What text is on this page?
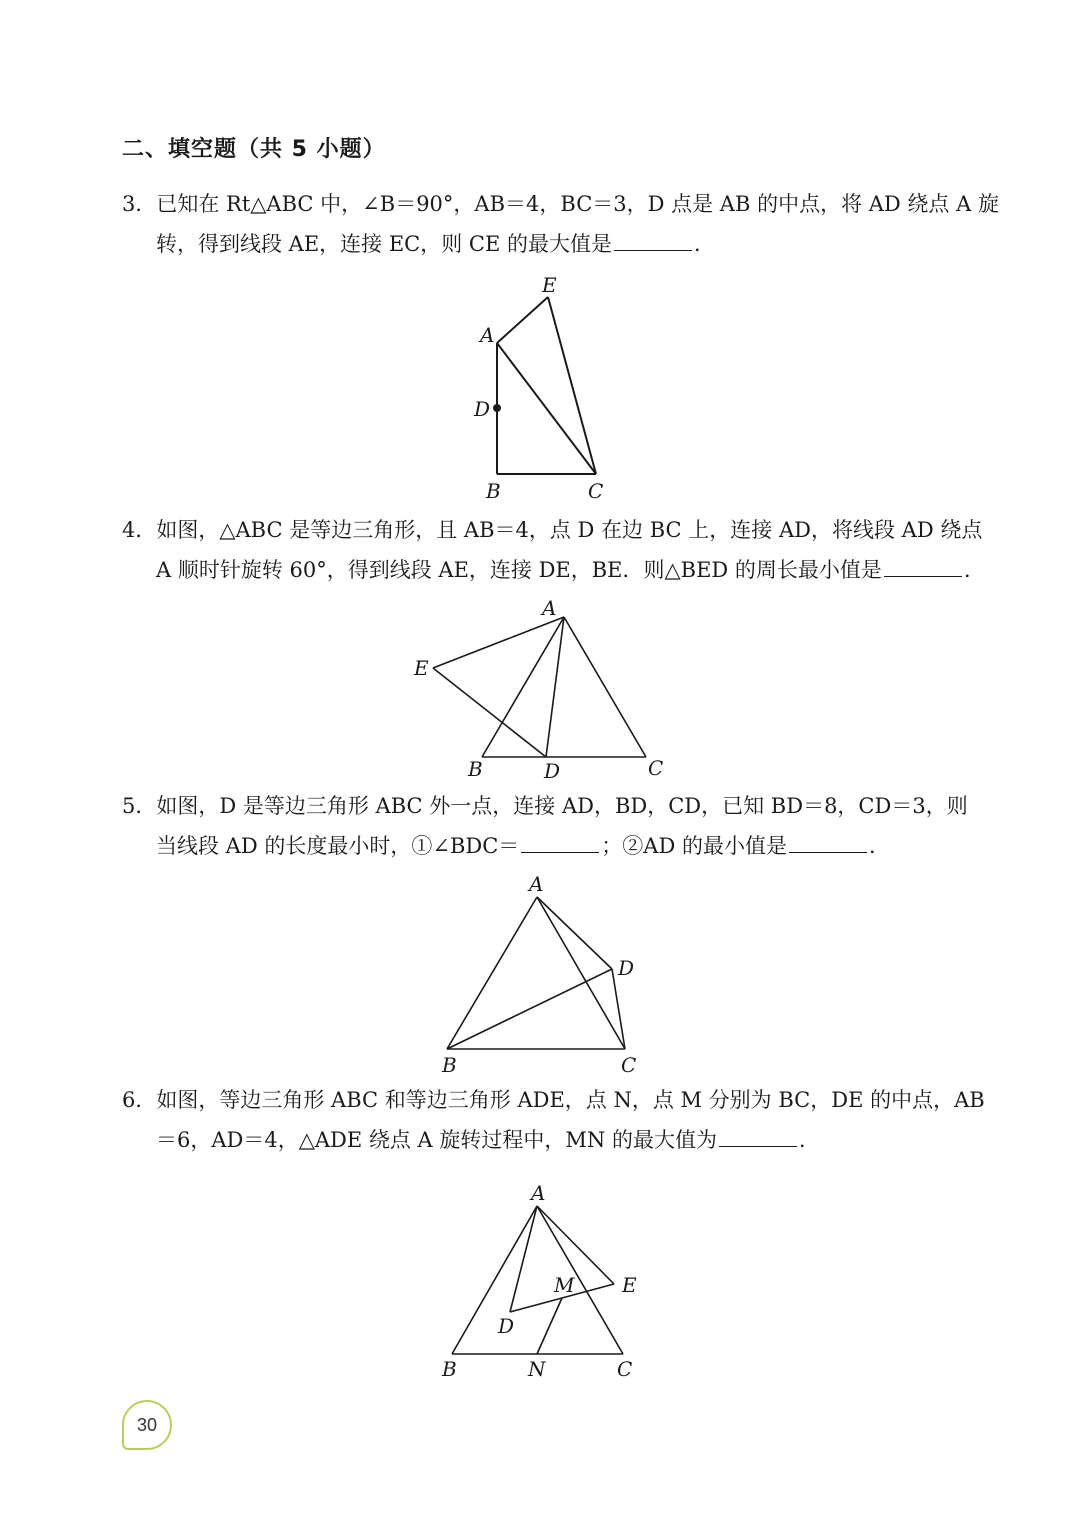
二、填空题（共 5 小题）
3．已知在 Rt△ABC 中，∠B＝90°，AB＝4，BC＝3，D 点是 AB 的中点，将 AD 绕点 A 旋
转，得到线段 AE，连接 EC，则 CE 的最大值是	．
E
A
D
B	C
4．如图，△ABC 是等边三角形，且 AB＝4，点 D 在边 BC 上，连接 AD，将线段 AD 绕点
A 顺时针旋转 60°，得到线段 AE，连接 DE，BE．则△BED 的周长最小值是	．
A
E
B	D	C
5．如图，D 是等边三角形 ABC 外一点，连接 AD，BD，CD，已知 BD＝8，CD＝3，则
当线段 AD 的长度最小时，①∠BDC＝	；②AD 的最小值是	．
A
D
B	C
6．如图，等边三角形 ABC 和等边三角形 ADE，点 N，点 M 分别为 BC，DE 的中点，AB
＝6，AD＝4，△ADE 绕点 A 旋转过程中，MN 的最大值为	．
A
M E
D
B	N	C
30
